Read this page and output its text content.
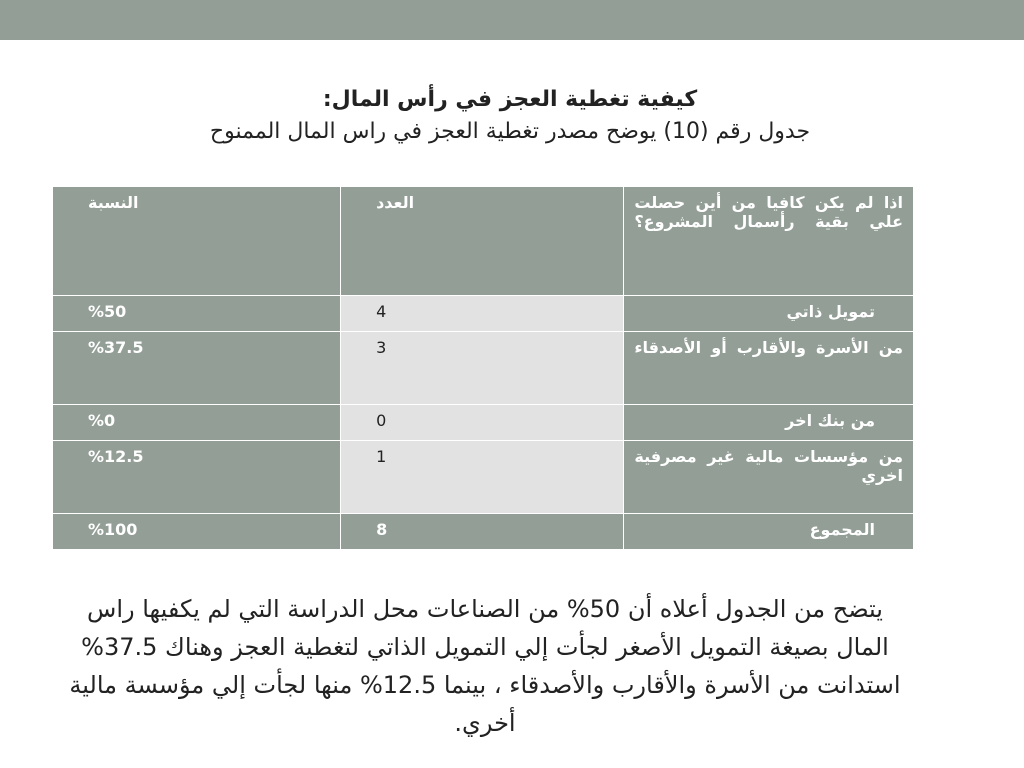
كيفية تغطية العجز في رأس المال:
جدول رقم (10) يوضح مصدر تغطية العجز في راس المال الممنوح
اذا لم يكن كافيا من أين حصلت علي بقية رأسمال المشروع؟	العدد	النسبة
تمويل ذاتي	4	%50
من الأسرة والأقارب أو الأصدقاء	3	%37.5
من بنك اخر	0	%0
من مؤسسات مالية غير مصرفية اخري	1	%12.5
المجموع	8	%100
يتضح من الجدول أعلاه أن 50% من الصناعات محل الدراسة التي لم يكفيها راس المال بصيغة التمويل الأصغر لجأت إلي التمويل الذاتي لتغطية العجز وهناك 37.5% استدانت من الأسرة والأقارب والأصدقاء ، بينما 12.5% منها لجأت إلي مؤسسة مالية أخري.
